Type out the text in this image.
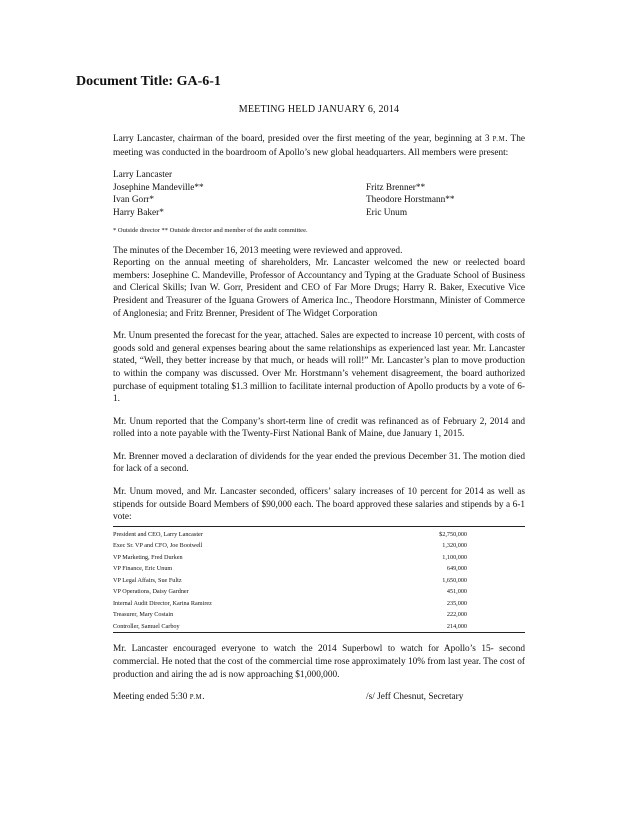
Document Title: GA-6-1
MEETING HELD JANUARY 6, 2014

Larry Lancaster, chairman of the board, presided over the first meeting of the year, beginning at 3 P.M. The meeting was conducted in the boardroom of Apollo’s new global headquarters. All members were present:

Larry Lancaster
Josephine Mandeville**	Fritz Brenner**
Ivan Gorr*	Theodore Horstmann**
Harry Baker*	Eric Unum

* Outside director ** Outside director and member of the audit committee.

The minutes of the December 16, 2013 meeting were reviewed and approved.

Reporting on the annual meeting of shareholders, Mr. Lancaster welcomed the new or reelected board members: Josephine C. Mandeville, Professor of Accountancy and Typing at the Graduate School of Business and Clerical Skills; Ivan W. Gorr, President and CEO of Far More Drugs; Harry R. Baker, Executive Vice President and Treasurer of the Iguana Growers of America Inc., Theodore Horstmann, Minister of Commerce of Anglonesia; and Fritz Brenner, President of The Widget Corporation

Mr. Unum presented the forecast for the year, attached. Sales are expected to increase 10 percent, with costs of goods sold and general expenses bearing about the same relationships as experienced last year. Mr. Lancaster stated, “Well, they better increase by that much, or heads will roll!” Mr. Lancaster’s plan to move production to within the company was discussed. Over Mr. Horstmann’s vehement disagreement, the board authorized purchase of equipment totaling $1.3 million to facilitate internal production of Apollo products by a vote of 6-1.

Mr. Unum reported that the Company’s short-term line of credit was refinanced as of February 2, 2014 and rolled into a note payable with the Twenty-First National Bank of Maine, due January 1, 2015.

Mr. Brenner moved a declaration of dividends for the year ended the previous December 31. The motion died for lack of a second.

Mr. Unum moved, and Mr. Lancaster seconded, officers’ salary increases of 10 percent for 2014 as well as stipends for outside Board Members of $90,000 each. The board approved these salaries and stipends by a 6-1 vote:

President and CEO, Larry Lancaster	$2,750,000
Exec Sr. VP and CFO, Joe Bootwell	1,320,000
VP Marketing, Fred Durken	1,100,000
VP Finance, Eric Unum	649,000
VP Legal Affairs, Sue Fultz	1,650,000
VP Operations, Daisy Gardner	451,000
Internal Audit Director, Karina Ramirez	235,000
Treasurer, Mary Costain	222,000
Controller, Samuel Carboy	214,000

Mr. Lancaster encouraged everyone to watch the 2014 Superbowl to watch for Apollo’s 15- second commercial. He noted that the cost of the commercial time rose approximately 10% from last year. The cost of production and airing the ad is now approaching $1,000,000.

Meeting ended 5:30 P.M.	/s/ Jeff Chesnut, Secretary
